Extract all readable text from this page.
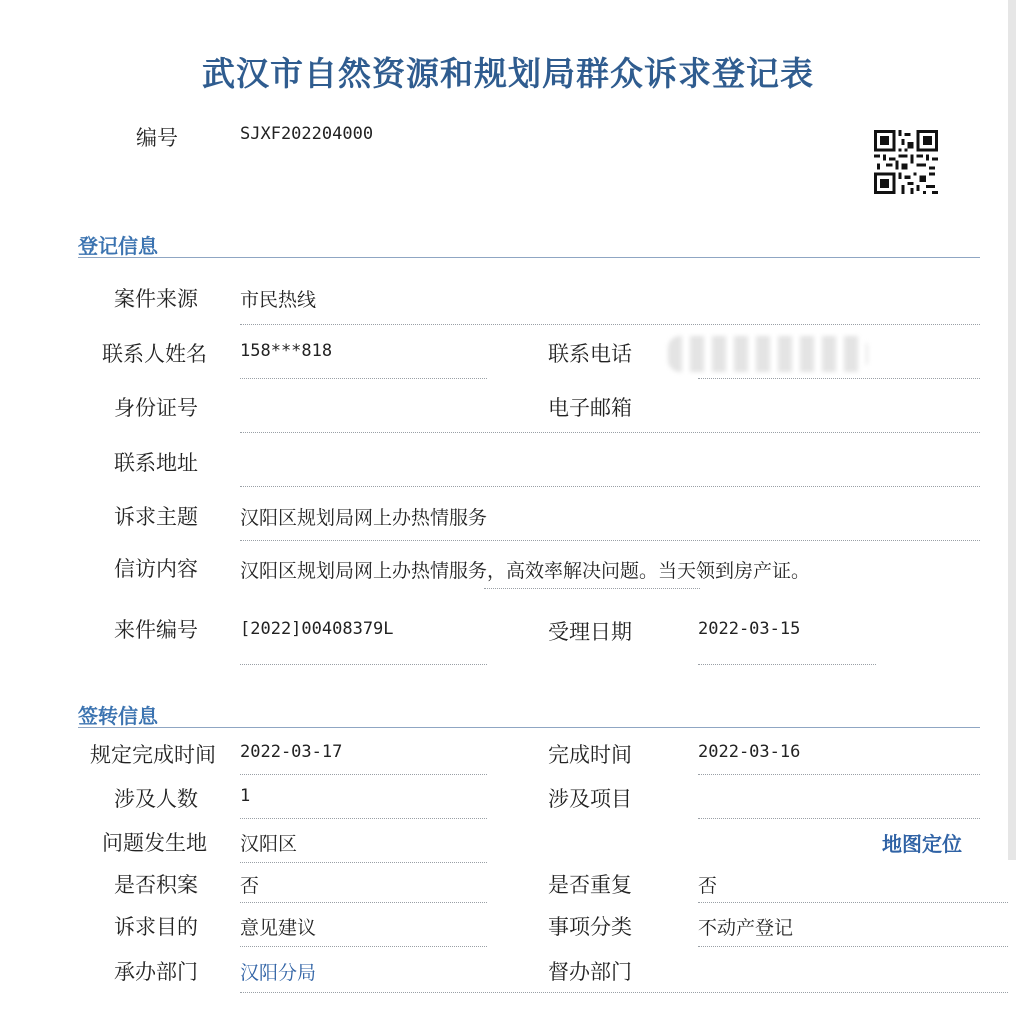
武汉市自然资源和规划局群众诉求登记表
编号	SJXF202204000
登记信息
案件来源 市民热线
联系人姓名 158***818	联系电话
身份证号	电子邮箱
联系地址
诉求主题 汉阳区规划局网上办热情服务
信访内容 汉阳区规划局网上办热情服务，高效率解决问题。当天领到房产证。
来件编号 [2022]00408379L	受理日期	2022-03-15
签转信息
规定完成时间 2022-03-17	完成时间	2022-03-16
涉及人数 1	涉及项目
问题发生地 汉阳区	地图定位
是否积案 否	是否重复	否
诉求目的 意见建议	事项分类	不动产登记
承办部门 汉阳分局	督办部门
